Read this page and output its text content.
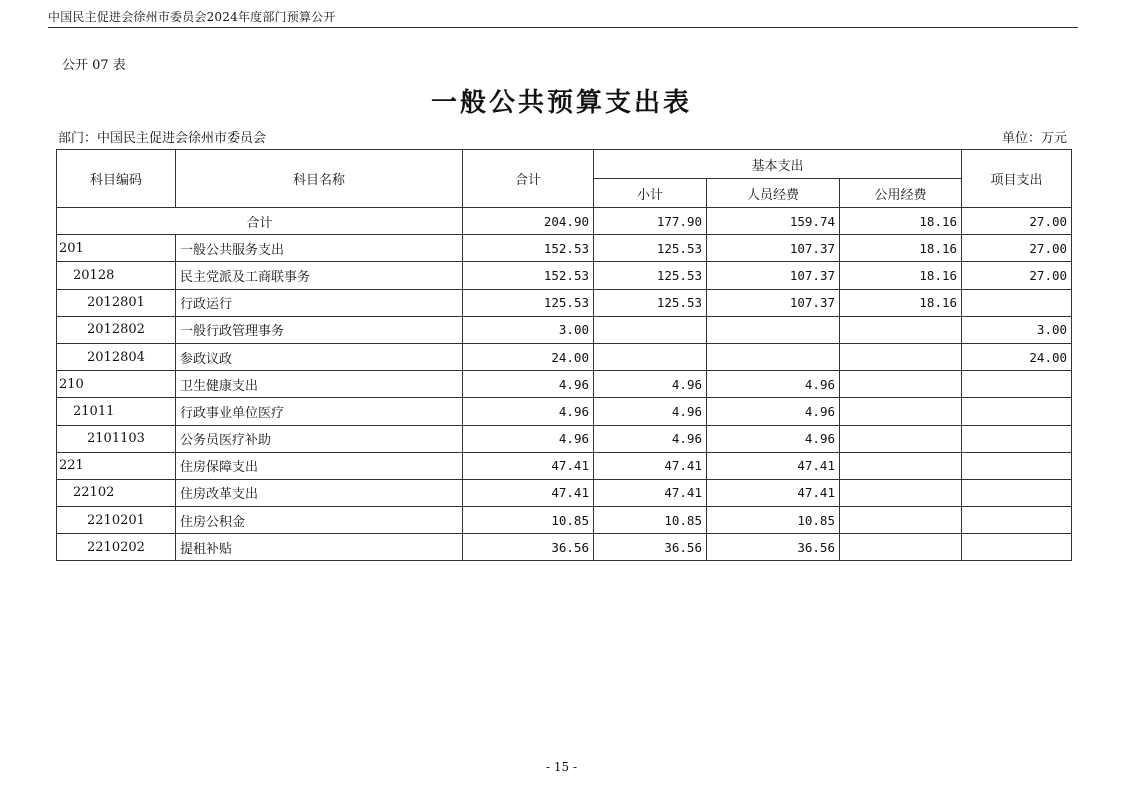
中国民主促进会徐州市委员会2024年度部门预算公开
公开 07 表
一般公共预算支出表
部门：中国民主促进会徐州市委员会	单位：万元
科目编码	科目名称	合计	基本支出			项目支出
			小计	人员经费	公用经费	
合计		204.90	177.90	159.74	18.16	27.00
201	一般公共服务支出	152.53	125.53	107.37	18.16	27.00
20128	民主党派及工商联事务	152.53	125.53	107.37	18.16	27.00
2012801	行政运行	125.53	125.53	107.37	18.16	
2012802	一般行政管理事务	3.00				3.00
2012804	参政议政	24.00				24.00
210	卫生健康支出	4.96	4.96	4.96		
21011	行政事业单位医疗	4.96	4.96	4.96		
2101103	公务员医疗补助	4.96	4.96	4.96		
221	住房保障支出	47.41	47.41	47.41		
22102	住房改革支出	47.41	47.41	47.41		
2210201	住房公积金	10.85	10.85	10.85		
2210202	提租补贴	36.56	36.56	36.56		
- 15 -
